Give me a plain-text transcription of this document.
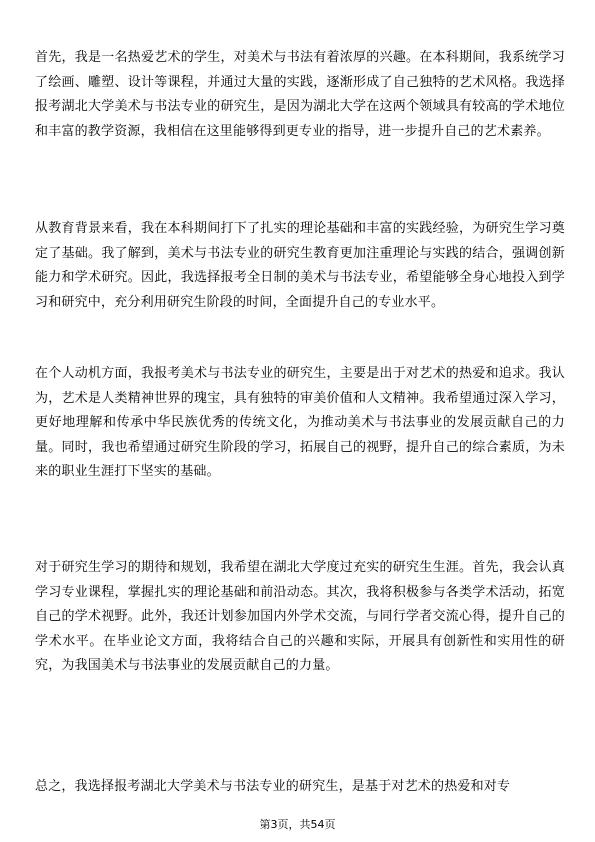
首先，我是一名热爱艺术的学生，对美术与书法有着浓厚的兴趣。在本科期间，我系统学习了绘画、雕塑、设计等课程，并通过大量的实践，逐渐形成了自己独特的艺术风格。我选择报考湖北大学美术与书法专业的研究生，是因为湖北大学在这两个领域具有较高的学术地位和丰富的教学资源，我相信在这里能够得到更专业的指导，进一步提升自己的艺术素养。

从教育背景来看，我在本科期间打下了扎实的理论基础和丰富的实践经验，为研究生学习奠定了基础。我了解到，美术与书法专业的研究生教育更加注重理论与实践的结合，强调创新能力和学术研究。因此，我选择报考全日制的美术与书法专业，希望能够全身心地投入到学习和研究中，充分利用研究生阶段的时间，全面提升自己的专业水平。

在个人动机方面，我报考美术与书法专业的研究生，主要是出于对艺术的热爱和追求。我认为，艺术是人类精神世界的瑰宝，具有独特的审美价值和人文精神。我希望通过深入学习，更好地理解和传承中华民族优秀的传统文化，为推动美术与书法事业的发展贡献自己的力量。同时，我也希望通过研究生阶段的学习，拓展自己的视野，提升自己的综合素质，为未来的职业生涯打下坚实的基础。

对于研究生学习的期待和规划，我希望在湖北大学度过充实的研究生生涯。首先，我会认真学习专业课程，掌握扎实的理论基础和前沿动态。其次，我将积极参与各类学术活动，拓宽自己的学术视野。此外，我还计划参加国内外学术交流，与同行学者交流心得，提升自己的学术水平。在毕业论文方面，我将结合自己的兴趣和实际，开展具有创新性和实用性的研究，为我国美术与书法事业的发展贡献自己的力量。

总之，我选择报考湖北大学美术与书法专业的研究生，是基于对艺术的热爱和对专

第3页，共54页
